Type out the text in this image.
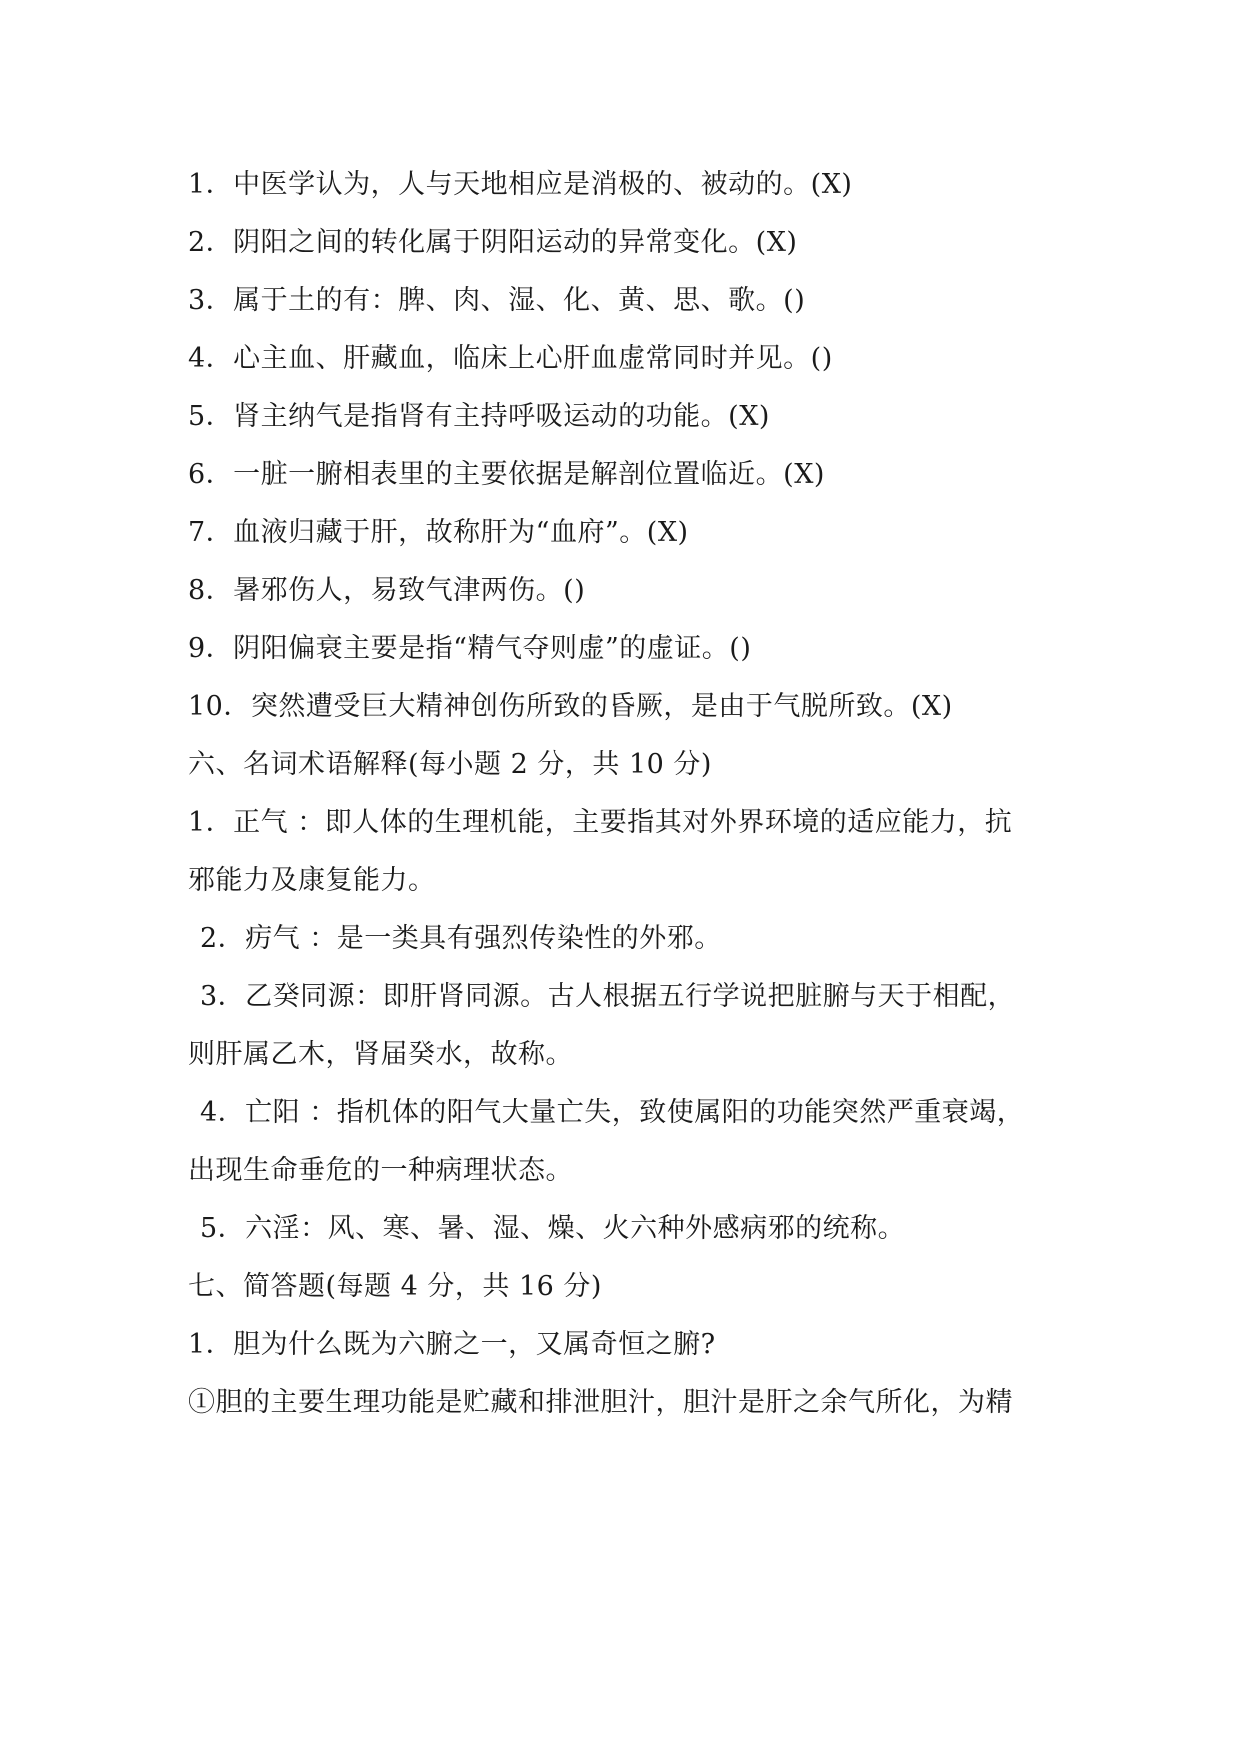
1．中医学认为，人与天地相应是消极的、被动的。(X)
2．阴阳之间的转化属于阴阳运动的异常变化。(X)
3．属于土的有：脾、肉、湿、化、黄、思、歌。()
4．心主血、肝藏血，临床上心肝血虚常同时并见。()
5．肾主纳气是指肾有主持呼吸运动的功能。(X)
6．一脏一腑相表里的主要依据是解剖位置临近。(X)
7．血液归藏于肝，故称肝为“血府”。(X)
8．暑邪伤人，易致气津两伤。()
9．阴阳偏衰主要是指“精气夺则虚”的虚证。()
10．突然遭受巨大精神创伤所致的昏厥，是由于气脱所致。(X)
六、名词术语解释(每小题 2 分，共 10 分)
1．正气 ：即人体的生理机能，主要指其对外界环境的适应能力，抗
邪能力及康复能力。
2．疠气 ：是一类具有强烈传染性的外邪。
3．乙癸同源：即肝肾同源。古人根据五行学说把脏腑与天于相配，
则肝属乙木，肾届癸水，故称。
4．亡阳 ：指机体的阳气大量亡失，致使属阳的功能突然严重衰竭，
出现生命垂危的一种病理状态。
5．六淫：风、寒、暑、湿、燥、火六种外感病邪的统称。
七、简答题(每题 4 分，共 16 分)
1．胆为什么既为六腑之一，又属奇恒之腑?
①胆的主要生理功能是贮藏和排泄胆汁，胆汁是肝之余气所化，为精
